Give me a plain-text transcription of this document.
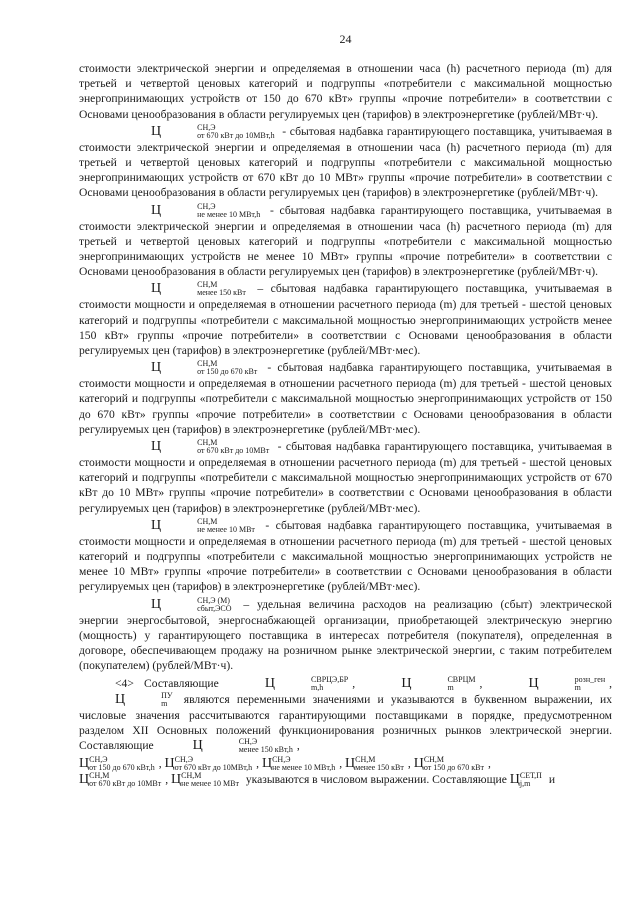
24

стоимости электрической энергии и определяемая в отношении часа (h) расчетного периода (m) для третьей и четвертой ценовых категорий и подгруппы «потребители с максимальной мощностью энергопринимающих устройств от 150 до 670 кВт» группы «прочие потребители» в соответствии с Основами ценообразования в области регулируемых цен (тарифов) в электроэнергетике (рублей/МВт·ч).

Ц	СН,Э
от 670 кВт до 10МВт,h - сбытовая надбавка гарантирующего поставщика, учитываемая в стоимости электрической энергии и определяемая в отношении часа (h) расчетного периода (m) для третьей и четвертой ценовых категорий и подгруппы «потребители с максимальной мощностью энергопринимающих устройств от 670 кВт до 10 МВт» группы «прочие потребители» в соответствии с Основами ценообразования в области регулируемых цен (тарифов) в электроэнергетике (рублей/МВт·ч).

Ц	СН,Э
не менее 10 МВт,h - сбытовая надбавка гарантирующего поставщика, учитываемая в стоимости электрической энергии и определяемая в отношении часа (h) расчетного периода (m) для третьей и четвертой ценовых категорий и подгруппы «потребители с максимальной мощностью энергопринимающих устройств не менее 10 МВт» группы «прочие потребители» в соответствии с Основами ценообразования в области регулируемых цен (тарифов) в электроэнергетике (рублей/МВт·ч).

Ц	СН,М
менее 150 кВт – сбытовая надбавка гарантирующего поставщика, учитываемая в стоимости мощности и определяемая в отношении расчетного периода (m) для третьей - шестой ценовых категорий и подгруппы «потребители с максимальной мощностью энергопринимающих устройств менее 150 кВт» группы «прочие потребители» в соответствии с Основами ценообразования в области регулируемых цен (тарифов) в электроэнергетике (рублей/МВт·мес).

Ц	СН,М
от 150 до 670 кВт - сбытовая надбавка гарантирующего поставщика, учитываемая в стоимости мощности и определяемая в отношении расчетного периода (m) для третьей - шестой ценовых категорий и подгруппы «потребители с максимальной мощностью энергопринимающих устройств от 150 до 670 кВт» группы «прочие потребители» в соответствии с Основами ценообразования в области регулируемых цен (тарифов) в электроэнергетике (рублей/МВт·мес).

Ц	СН,М
от 670 кВт до 10МВт - сбытовая надбавка гарантирующего поставщика, учитываемая в стоимости мощности и определяемая в отношении расчетного периода (m) для третьей - шестой ценовых категорий и подгруппы «потребители с максимальной мощностью энергопринимающих устройств от 670 кВт до 10 МВт» группы «прочие потребители» в соответствии с Основами ценообразования в области регулируемых цен (тарифов) в электроэнергетике (рублей/МВт·мес).

Ц	СН,М
не менее 10 МВт - сбытовая надбавка гарантирующего поставщика, учитываемая в стоимости мощности и определяемая в отношении расчетного периода (m) для третьей - шестой ценовых категорий и подгруппы «потребители с максимальной мощностью энергопринимающих устройств не менее 10 МВт» группы «прочие потребители» в соответствии с Основами ценообразования в области регулируемых цен (тарифов) в электроэнергетике (рублей/МВт·мес).

Ц	СН,Э (М)
сбыт,ЭСО – удельная величина расходов на реализацию (сбыт) электрической энергии энергосбытовой, энергоснабжающей организации, приобретающей электрическую энергию (мощность) у гарантирующего поставщика в интересах потребителя (покупателя), определенная в договоре, обеспечивающем продажу на розничном рынке электрической энергии, с таким потребителем (покупателем) (рублей/МВт·ч).

<4> Составляющие	Ц	СВРЦЭ,БР
m,h	,	Ц	СВРЦМ
m	,	Ц	розн_ген
m	, Ц	ПУ
m являются переменными значениями и указываются в буквенном выражении, их числовые значения рассчитываются гарантирующими поставщиками в порядке, предусмотренном разделом XII Основных положений функционирования розничных рынков электрической энергии. Составляющие	Ц	СН,Э
менее 150 кВт,h ,

Ц СН,Э
от 150 до 670 кВт,h , Ц СН,Э
от 670 кВт до 10МВт,h , Ц СН,Э
не менее 10 МВт,h , Ц СН,М
менее 150 кВт , Ц СН,М
от 150 до 670 кВт ,
Ц СН,М
от 670 кВт до 10МВт , Ц СН,М
не менее 10 МВт указываются в числовом выражении. Составляющие Ц СЕТ,П
j,m	и
